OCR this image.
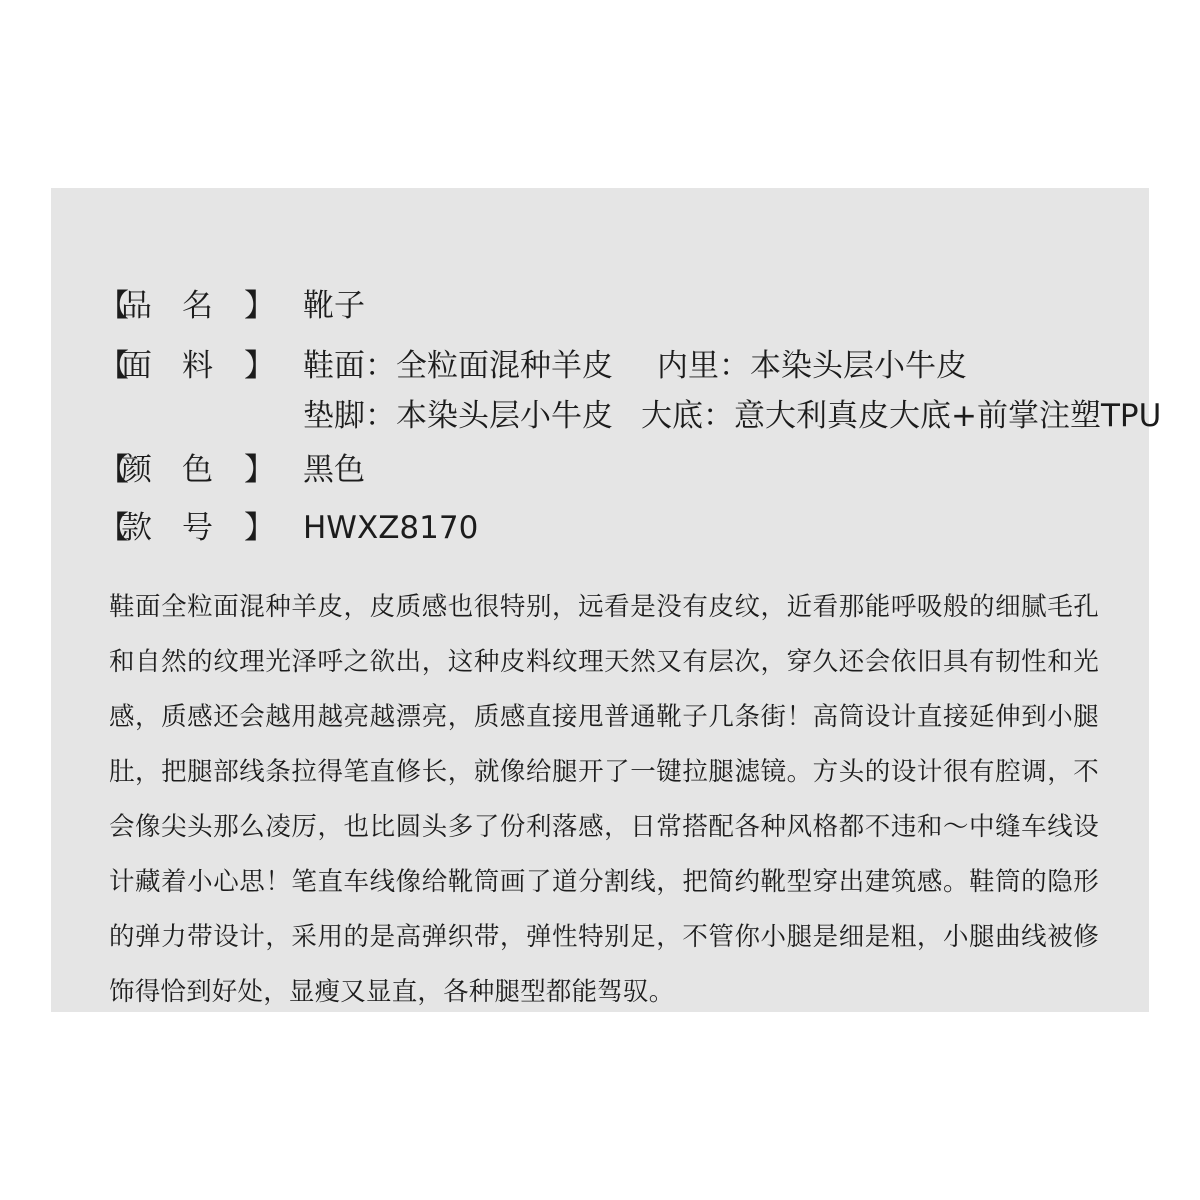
【
品 名 】 靴子
【
面 料 】 鞋面：全粒面混种羊皮 内里：本染头层小牛皮
垫脚：本染头层小牛皮 大底：意大利真皮大底+前掌注塑TPU
【
颜 色 】 黑色
【
款 号 】 HWXZ8170

鞋面全粒面混种羊皮，皮质感也很特别，远看是没有皮纹，近看那能呼吸般的细腻毛孔和自然的纹理光泽呼之欲出，这种皮料纹理天然又有层次，穿久还会依旧具有韧性和光感，质感还会越用越亮越漂亮，质感直接甩普通靴子几条街！高筒设计直接延伸到小腿肚，把腿部线条拉得笔直修长，就像给腿开了一键拉腿滤镜。方头的设计很有腔调，不会像尖头那么凌厉，也比圆头多了份利落感，日常搭配各种风格都不违和～中缝车线设计藏着小心思！笔直车线像给靴筒画了道分割线，把简约靴型穿出建筑感。鞋筒的隐形的弹力带设计，采用的是高弹织带，弹性特别足，不管你小腿是细是粗，小腿曲线被修饰得恰到好处，显瘦又显直，各种腿型都能驾驭。
